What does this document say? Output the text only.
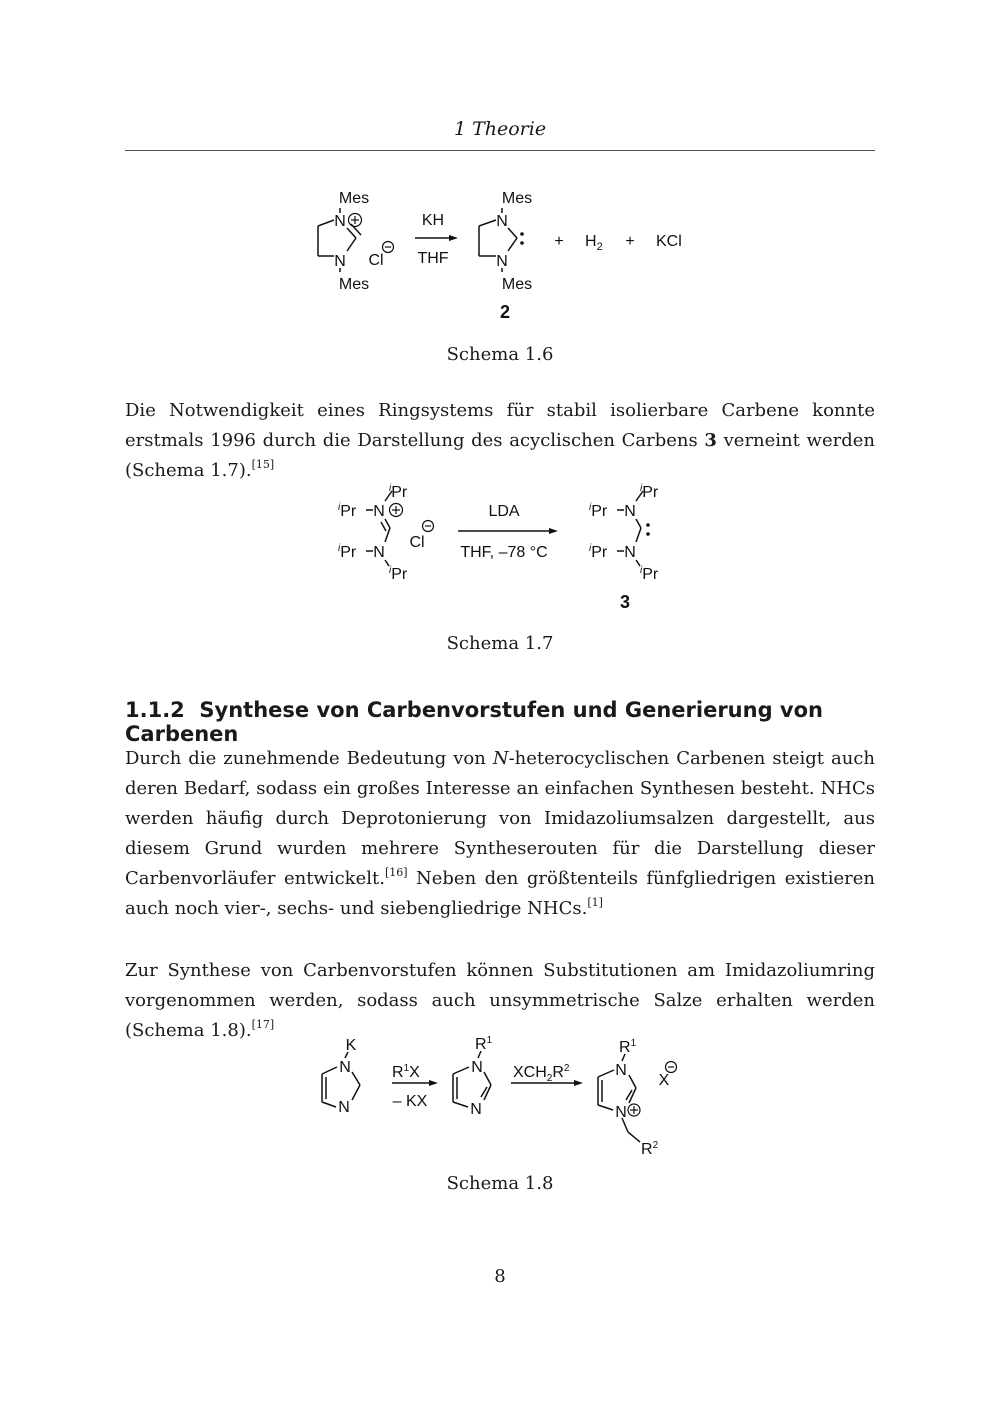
1 Theorie
Mes
N
N
Mes
Cl
KH
THF
Mes
N
N
Mes
2
+ $H_2$ + KCl
Schema 1.6

Die Notwendigkeit eines Ringsystems für stabil isolierbare Carbene konnte erstmals 1996 durch die Darstellung des acyclischen Carbens 3 verneint werden (Schema 1.7).[15]

$^i$Pr
$^i$Pr N
$^i$Pr N
$^i$Pr
Cl
LDA
THF, –78 °C
$^i$Pr
$^i$Pr N
$^i$Pr N
$^i$Pr
3
Schema 1.7
1.1.2 Synthese von Carbenvorstufen und Generierung von Carbenen

Durch die zunehmende Bedeutung von N-heterocyclischen Carbenen steigt auch deren Bedarf, sodass ein großes Interesse an einfachen Synthesen besteht. NHCs werden häufig durch Deprotonierung von Imidazoliumsalzen dargestellt, aus diesem Grund wurden mehrere Syntheserouten für die Darstellung dieser Carbenvorläufer entwickelt.[16] Neben den größtenteils fünfgliedrigen existieren auch noch vier-, sechs- und siebengliedrige NHCs.[1]

Zur Synthese von Carbenvorstufen können Substitutionen am Imidazoliumring vorgenommen werden, sodass auch unsymmetrische Salze erhalten werden (Schema 1.8).[17]

K
N
N
$R^1X$
– KX
$R^1$
N
N
$XCH_2R^2$
$R^1$
N
N
$R^2$
X
Schema 1.8
8
